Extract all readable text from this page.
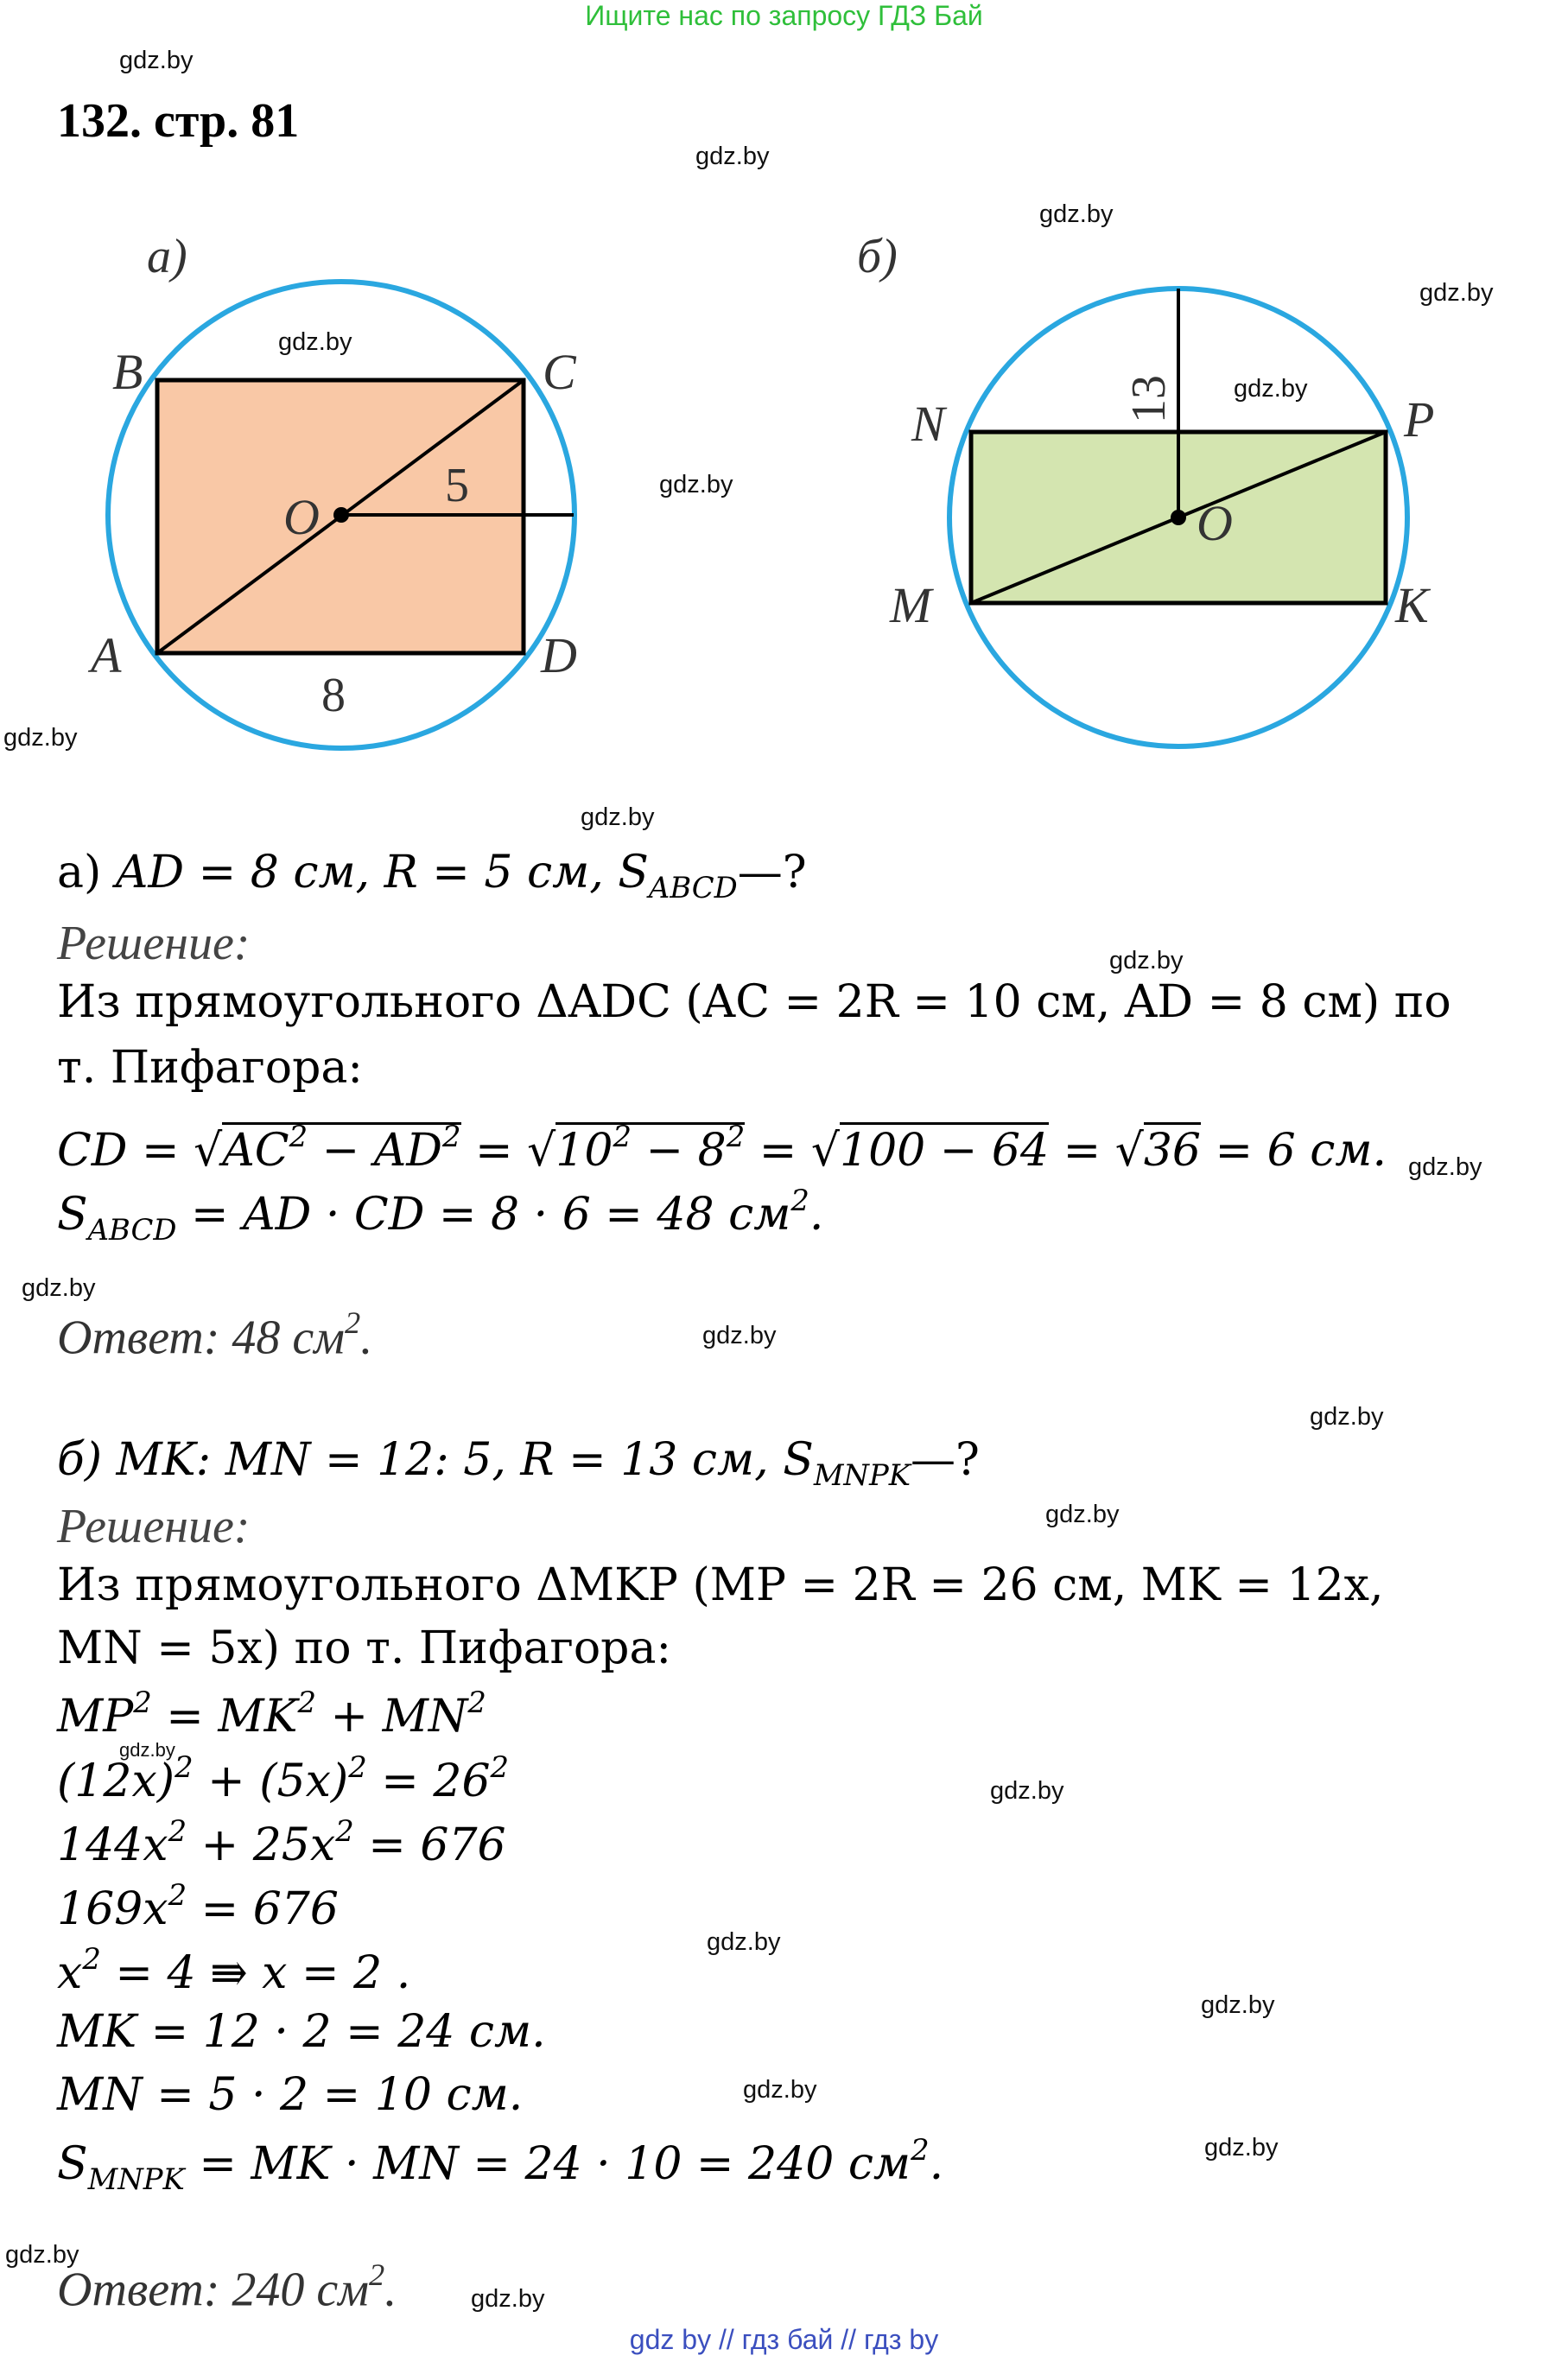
Ищите нас по запросу ГДЗ Бай
gdz.by
gdz.by
gdz.by
gdz.by
gdz.by
gdz.by
gdz.by
gdz.by
gdz.by
gdz.by
gdz.by
gdz.by
gdz.by
gdz.by
gdz.by
gdz.by
gdz.by
gdz.by
gdz.by
gdz.by
gdz.by
gdz.by
gdz.by
132. стр. 81
а)
B	C
A	D
O
5
8
б)
N	P
M	K
O
13
а) AD = 8 см, R = 5 см, $S_{ABCD}—$?
Решение:
Из прямоугольного ΔADC (AC = 2R = 10 см, AD = 8 см) по
т. Пифагора:
CD = $√AC^2 - AD^2 = √10^2 - 8^2 = √100 - 64 = √36 = 6$ см.
$S_{ABCD}$ = AD · CD = 8 · 6 = 48 $см^2$.
Ответ: 48 $см^2$.
б) MK: MN = 12: 5, R = 13 см, $S_{MNPK}—$?
Решение:
Из прямоугольного ΔMKP (MP = 2R = 26 см, MK = 12x,
MN = 5x) по т. Пифагора:
$MP^2 = MK^2 + MN^2$
$(12x)^2 + (5x)^2 = 26^2$
$144x^2 + 25x^2 = 676$
$169x^2 = 676$
$x^2 = 4$ ⇛ x = 2 .
MK = 12 · 2 = 24 см.
MN = 5 · 2 = 10 см.
$S_{MNPK}$ = MK · MN = 24 · 10 = 240 $см^2$.
Ответ: 240 $см^2$.
gdz by // гдз бай // гдз by
